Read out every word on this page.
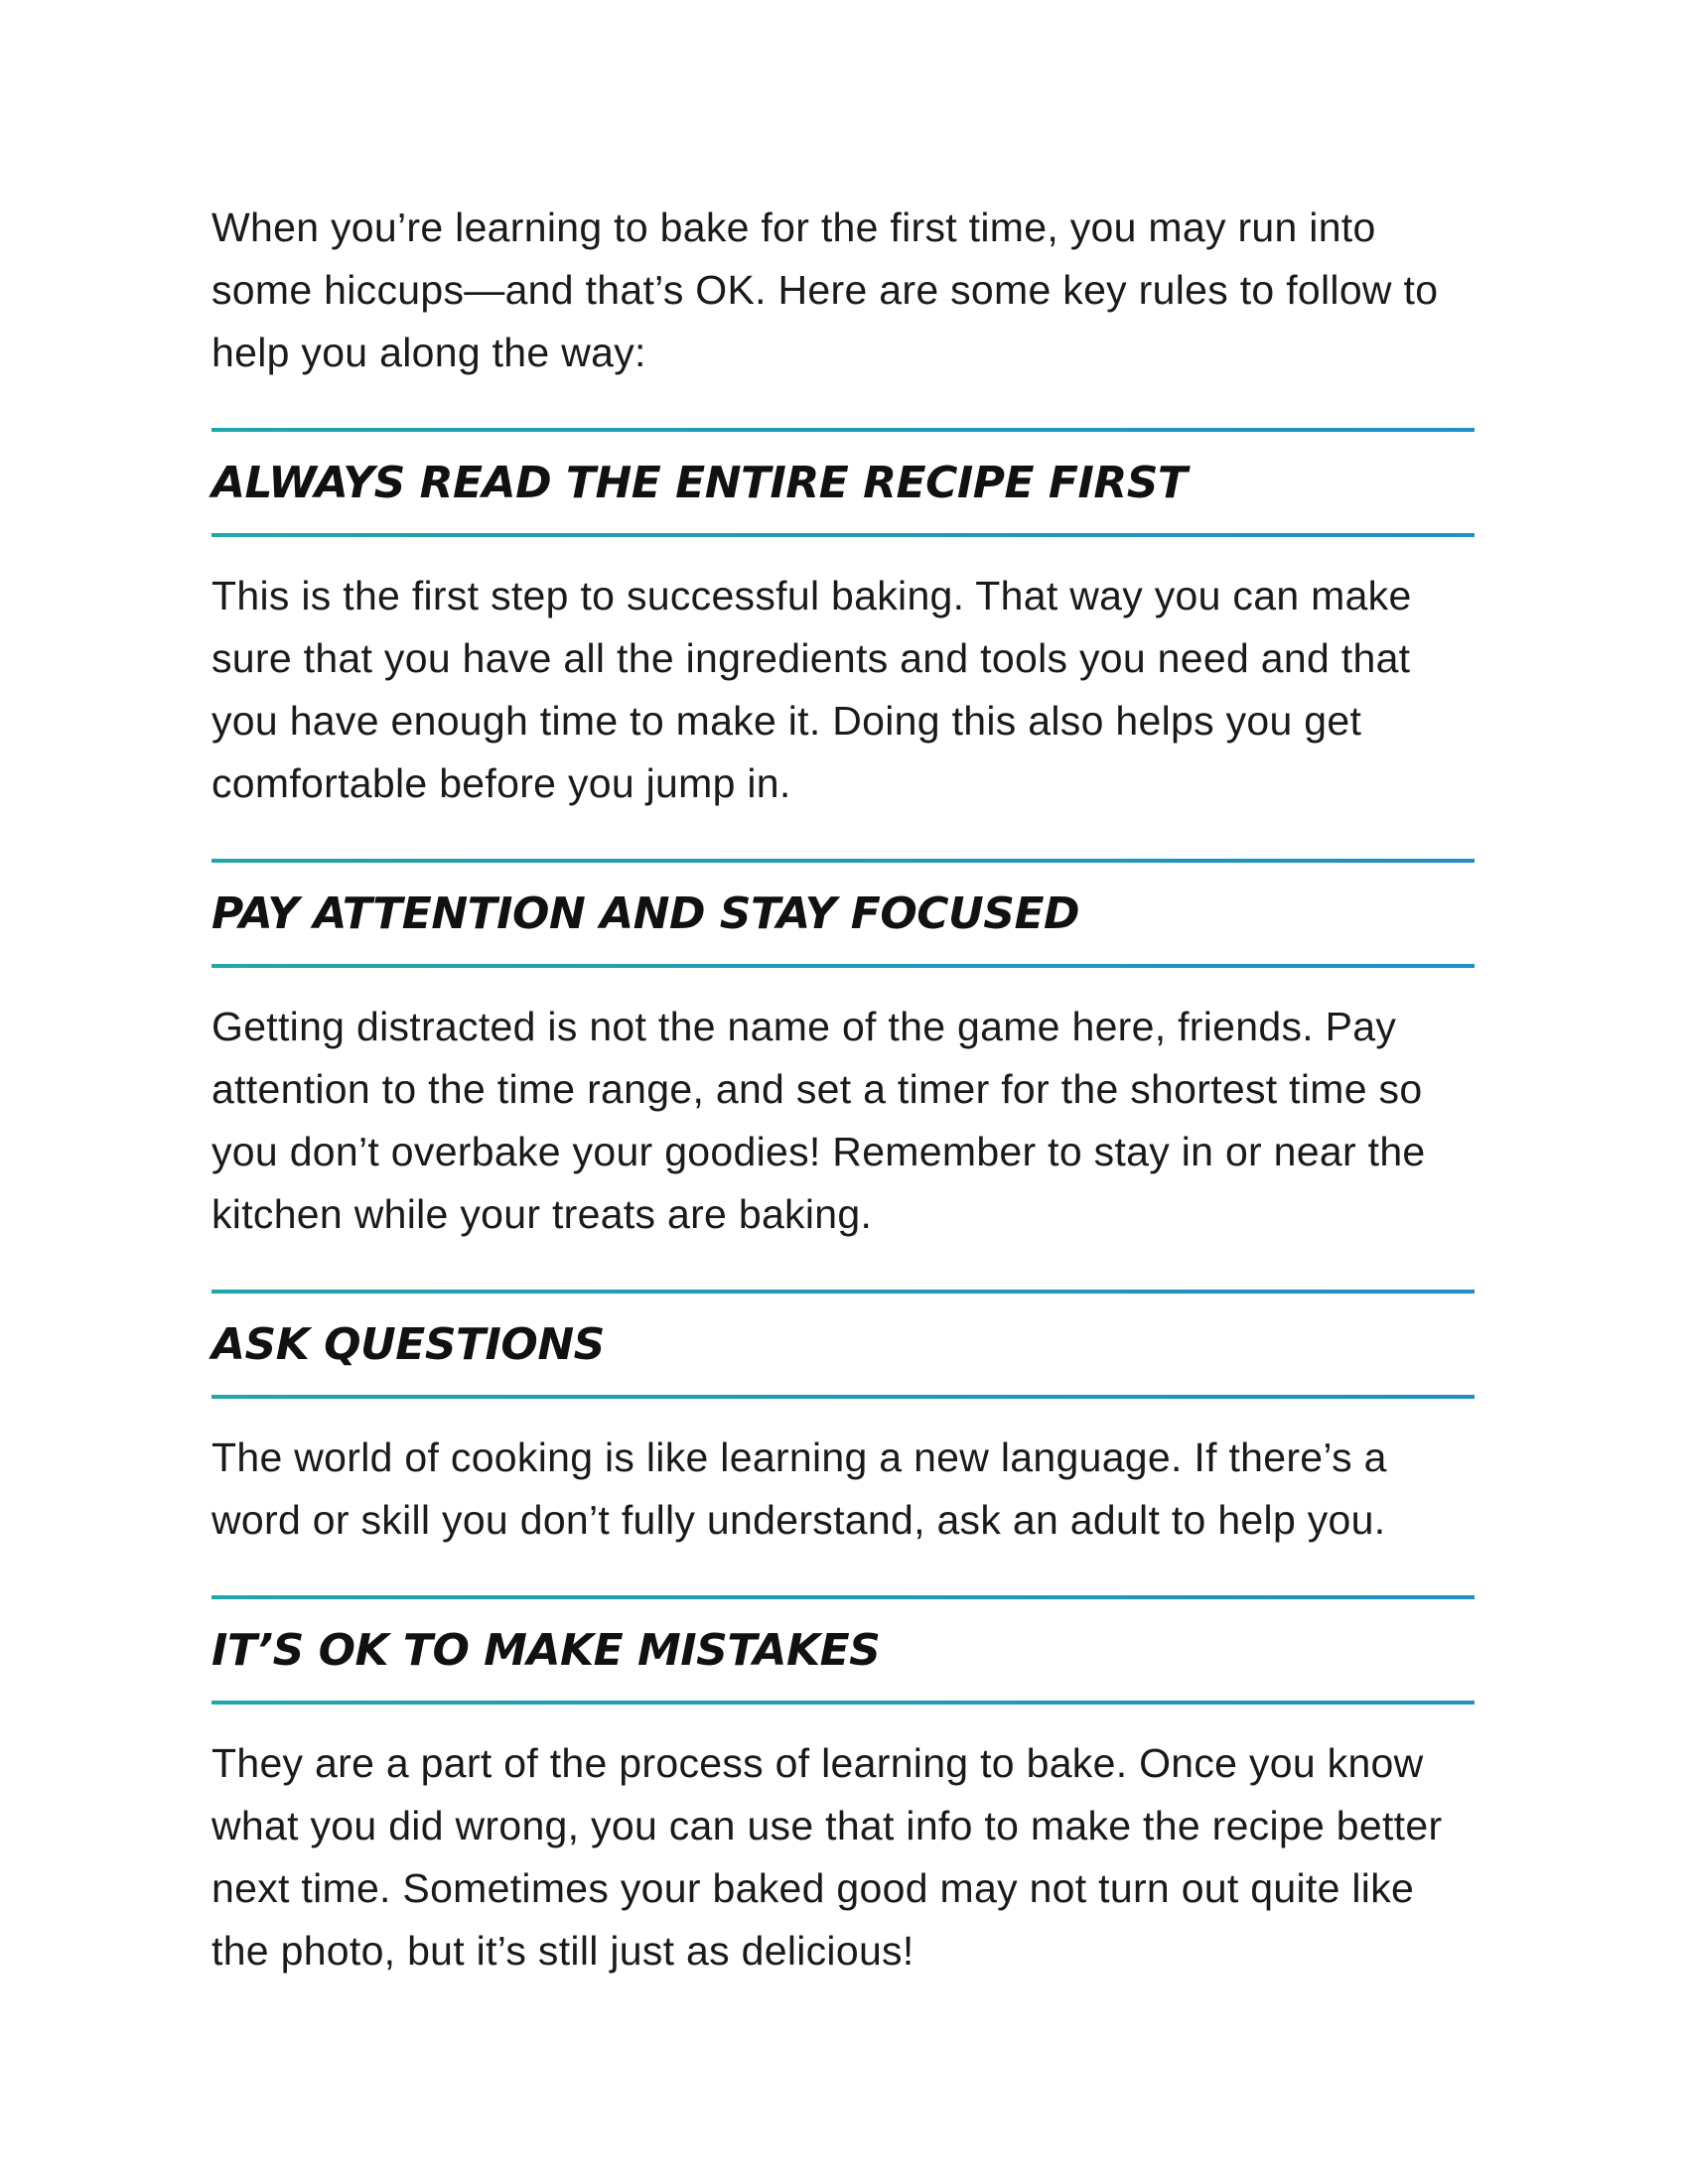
When you’re learning to bake for the first time, you may run into some hiccups—and that’s OK. Here are some key rules to follow to help you along the way:

ALWAYS READ THE ENTIRE RECIPE FIRST

This is the first step to successful baking. That way you can make sure that you have all the ingredients and tools you need and that you have enough time to make it. Doing this also helps you get comfortable before you jump in.

PAY ATTENTION AND STAY FOCUSED

Getting distracted is not the name of the game here, friends. Pay attention to the time range, and set a timer for the shortest time so you don’t overbake your goodies! Remember to stay in or near the kitchen while your treats are baking.

ASK QUESTIONS

The world of cooking is like learning a new language. If there’s a word or skill you don’t fully understand, ask an adult to help you.

IT’S OK TO MAKE MISTAKES

They are a part of the process of learning to bake. Once you know what you did wrong, you can use that info to make the recipe better next time. Sometimes your baked good may not turn out quite like the photo, but it’s still just as delicious!
